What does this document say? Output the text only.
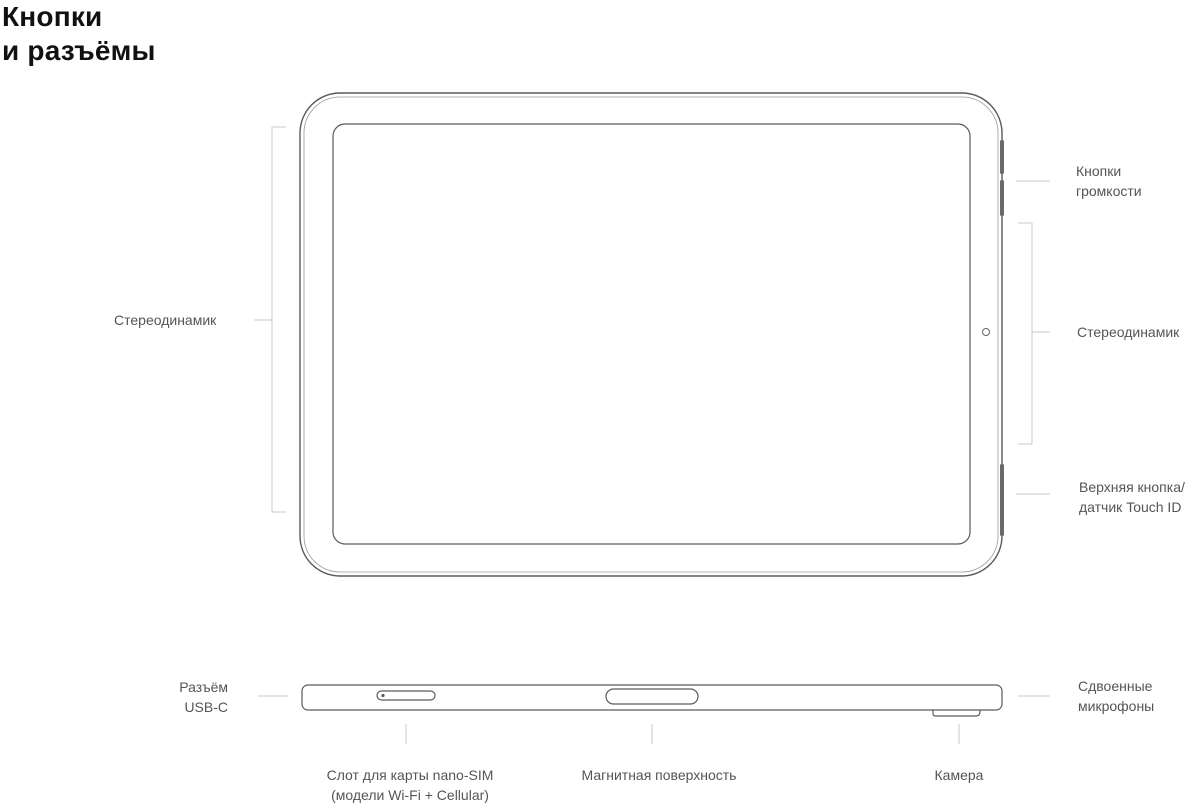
Кнопки
и разъёмы
Стереодинамик
Кнопки
громкости
Стереодинамик
Верхняя кнопка/
датчик Touch ID
Разъём
USB-C
Сдвоенные
микрофоны
Слот для карты nano-SIM
(модели Wi-Fi + Cellular)
Магнитная поверхность	Камера
